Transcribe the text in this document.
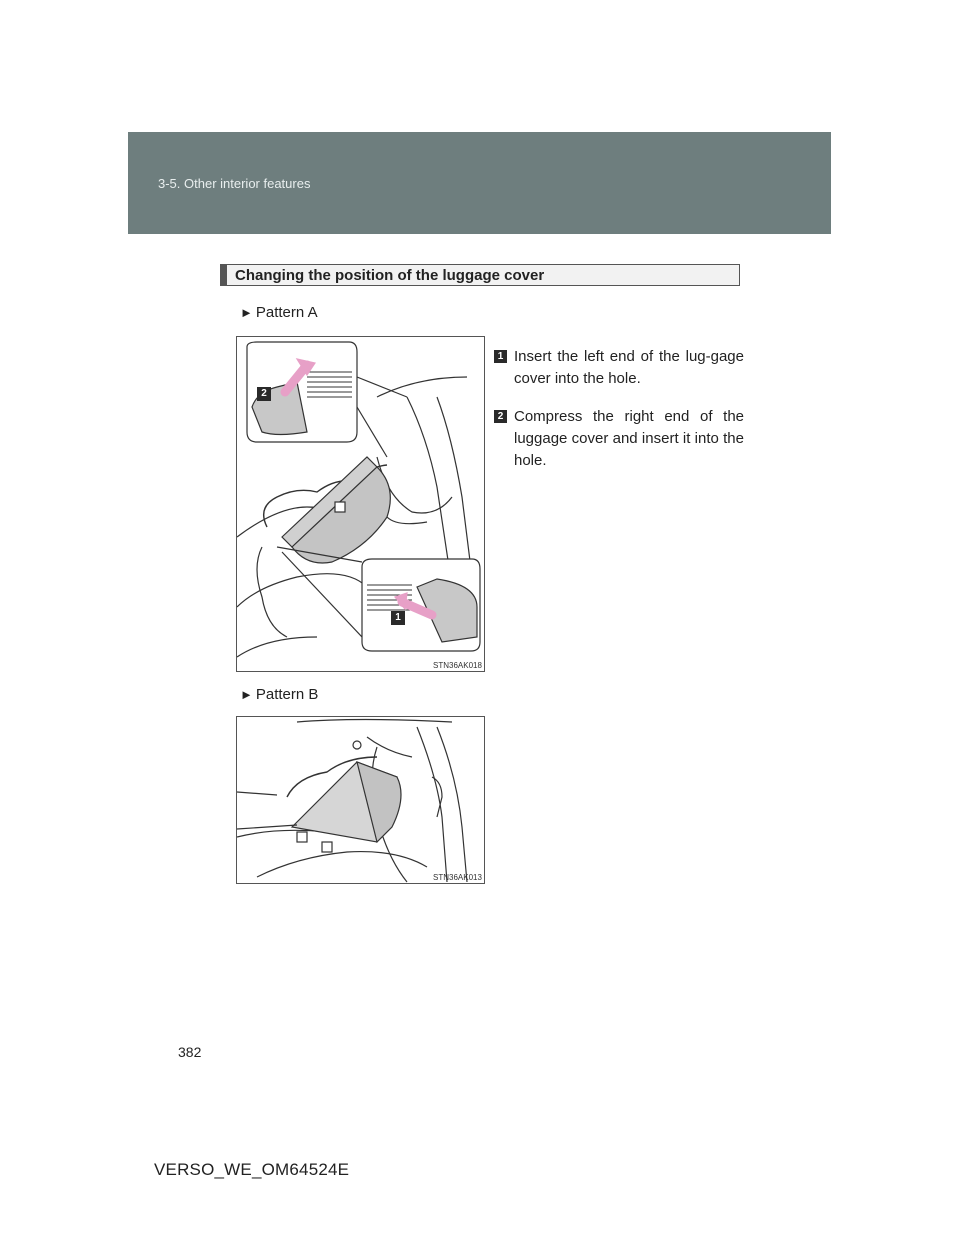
3-5. Other interior features
Changing the position of the luggage cover
► Pattern A
2
1
STN36AK018
1 Insert the left end of the lug-gage cover into the hole.
2 Compress the right end of the luggage cover and insert it into the hole.
► Pattern B
STN36AK013
382
VERSO_WE_OM64524E
